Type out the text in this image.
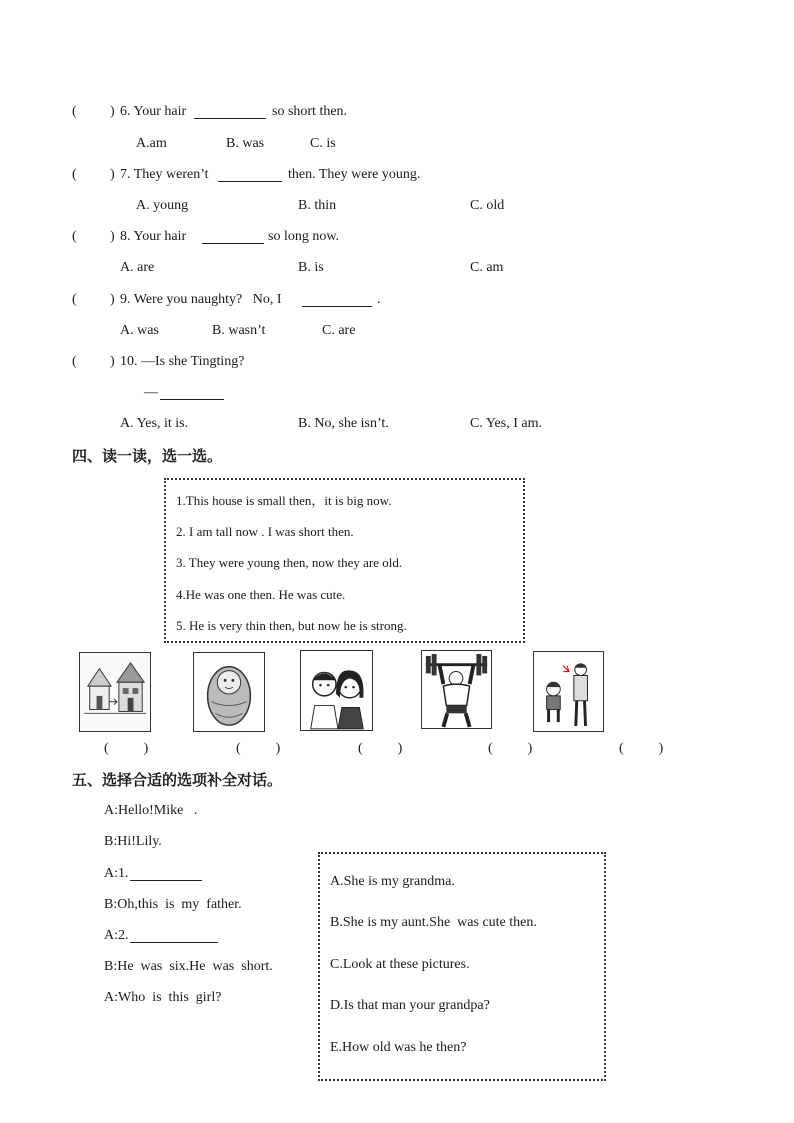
( ) 6. Your hair	so short then.
A.am	B. was	C. is
( ) 7. They weren’t	then. They were young.
A. young	B. thin	C. old
( ) 8. Your hair	so long now.
A. are	B. is	C. am
( ) 9. Were you naughty?   No, I	.
A. was	B. wasn’t	C. are
( ) 10. —Is she Tingting?
—
A. Yes, it is.	B. No, she isn’t.	C. Yes, I am.
四、读一读，选一选。
1.This house is small then，it is big now.
2. I am tall now . I was short then.
3. They were young then, now they are old.
4.He was one then. He was cute.
5. He is very thin then, but now he is strong.
(          )	(          )	(          )	(          )	(          )
五、选择合适的选项补全对话。
A:Hello!Mike   .
B:Hi!Lily.
A:1.
B:Oh,this  is  my  father.
A:2.
B:He  was  six.He  was  short.
A:Who  is  this  girl?
A.She is my grandma.
B.She is my aunt.She  was cute then.
C.Look at these pictures.
D.Is that man your grandpa?
E.How old was he then?
